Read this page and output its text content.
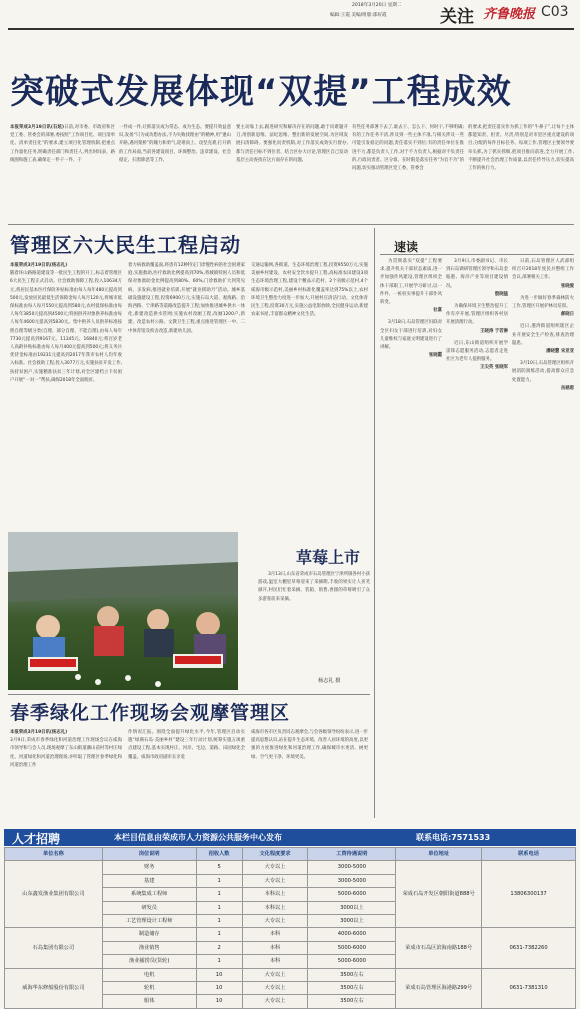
2018年3月20日 星期二
编辑:王霞 美编/组版:邵好霞	关注 齐鲁晚报 C03
突破式发展体现“双提”工程成效
本报荣成3月19日讯(石炫)日前,对市委、市政府和区党工委、管委会的部署,委按照“工作项目化、项目清单化、清单责任化”的要求,建立项目化管理机制,把重点工作量化任务,明确责任部门和责任人,列出时间表、路线图和施工表,确保定一件干一件、干
一件成一件,让抓落实成为常态、成为生态。要提升效益意识,发扬“只为成功想办法,不为失败找理由”的精神,用“逢山开路,遇河架桥”的魄力和勇气,迎难而上、攻坚克难,打开新的工作局面,当前各建设项目、环保整治、违章建设、社会稳定、扫黑除恶等工作,
要主动靠上去,跟进研究和解决存在的问题,敢于向难题开刀,用创新思维、法纪思维、整出新的发展空间,为区域发展扫清障碍。要强化问责机制,对工作落实成效实行督办,都与责任目标不到位者、结合区办大讨论,管理区自己发动基层主动查找在这方面存在的问题,
有些任务部署下去了,谁去干、怎么干、何时干,不够明确;有的工作任务不清,涉及到一些主体不准,与相关涉及一些可能引发稳定的问题,责任落实不到位;有的责任单位在推进不力,都是负责人工作,对于不力负责人,根据对不负责任的,行政问责者。区分谁、在时限是落实任务“为官不为”的问题,切实推动管理区党工委、管委会
的要求,把责任落实作为抓工作的“牛鼻子”,让每个主体都能知责、担责、尽责,特别是对市里区重点建设的项目,分配的每件目标任务、每项工作,管理区主要领导要牵头抓,为了抓实抓细,把项目推向前进,全力开展工作,不断提升社会治理工作质量,以责任传导压力,切实提高工作的执行力。
管理区六大民生工程启动
本报荣成3月19日讯(杨志礼)
随着环山路路道建设等一批民生工程的开工,标志着管理区6大民生工程正式启动。社会救助保障工程,投入10634万元,将居民基本医疗保险补贴标准由每人每年480元提高到500元,发放居民最低生活保障金每人每月120元,将城市低保标准由每人每月550元提高到580元,农村低保标准由每人每年3850元提高到4500元;特困供养对象供养标准由每人每年4600元提高到5830元。集中供养人员供养标准按照自理等级分类(自理、部分自理、不能自理),由每人每年7730元提高到9167元、11345元、16840元;将百岁老人高龄补贴标准由每人每月400元提高到500元;将义务兵优待金标准由19231元提高到2017年我市农村人均年收入标准。社会救助工程,投入3077万元,实施扶贫开发工作,扶持贫困户,实施精准扶贫三年计划,对全区建档立卡贫困户开展“一对一”帮扶,确保2018年全面脱贫。
着力病救助覆盖面,将患有12种特定门诊慢性病的社会困难家庭,实施救助,医疗救助比例提高到70%,将城镇特困人员和低保对象救助金比例提高到80%、60%,门诊救助扩大到常见病、多发病,推进就业培训,开展“就业援助月”活动。城乡基础设施建设工程,投资6900万元,实施石岛大道、观海路、沿海西路、宁津路等道路改造提升工程;加快推进城乡供水一体化,新建改造供水管网;实施农村改厕工程,改厕1200户,新建、改造农村公路。文教卫生工程,重点推进管理区一中、二中体育馆及校舍改造,新建幼儿园。
交通运输网,各街道、生态环境治理工程,投资9550万元,实施美丽乡村建设、农村安全饮水提升工程,高标准农田建设3项生态环境治理工程,建设个精品示范村、2个省级示范村,4个威海市级示范村,美丽乡村标准化覆盖率达到75%以上,农村环境卫生整治力度进一步加大,开展村庄清洁行动。文化体育民生工程,投资30万元,实施公益电影放映,全民健身运动,新建农家书屋,丰富群众精神文化生活。
草莓上市
3月13日,山东省荣成市石岛管理区宁津所镇各村小孩游戏,温室大棚里草莓迎来了采摘期,丰收的果实让人喜笑颜开,村民们忙着采摘、装箱、销售,香甜的草莓吸引了众多游客前来采摘。
杨志礼 摄
春季绿化工作现场会观摩管理区
本报荣成3月19日讯(杨志礼)
3月9日,荣成市春季绿化和河道治理工作现场会议在威海市领导和与会人员,现场观摩了东山街道潮山前村等村庄绿化、河道绿化和河道治理现场,并听取了管理区春季绿化和河道治理工作
作情况汇报。围绕全面提升绿化水平,今年,管理区启动实施“绿满石岛·美丽乡村”建设三年行动计划,统筹实施五项重点建设工程,基本实现村庄、河岸、宅边、道路、田园绿化全覆盖。威海市政府副市长亲赴
威海市各市区负责同志观摩会,与会各级领导纷纷表示,进一步提高思想认识,站在提升生态环境、改善人居环境的高度,以更强的力度推进绿化和河道治理工作,确保城市水更清、树更绿、空气更干净、环境更美。
速读
为贯彻落实“双提”工程要求,提升机关干部状态素质,进一步加强作风建设,管理区组织全体干部职工,开展学习研讨,以一件件、一桩桩实事提升干部作风转变。
社富
3月18日,石岛管理区妇联对全区妇女干部进行培训,对妇女儿童维权与家庭文明建设进行了讲解。
张晓霞
3月9日,市委副书记、市长到石岛调研管理区领导和石岛金瓯港、海洋产业等项目建设情况。
殷晓猛
为确保环境卫生整治提升工作有序开展,管理区组织各村居开展清理行动。
王晓涛 于若淋
近日,东山街道组织开展学雷锋志愿服务活动,志愿者走进社区为老年人提供服务。
王尖英 张晓军
日前,石岛管理区人武部组织召开2018年度民兵整组工作会议,部署相关工作。
张晓爱
为进一步做好春季森林防火工作,管理区开展护林员培训。
郝晓日
近日,港湾街道组织辖区企业开展安全生产检查,排查治理隐患。
潘晓慧 宋亚亚
3月10日,石岛管理区组织开展消防演练活动,提高群众应急处置能力。
岳涵恩
人才招聘	本栏目信息由荣成市人力资源公共服务中心发布	联系电话:7571533
单位名称	岗位说明	招收人数	文化程度要求	工资待遇说明	单位地址	联系电话
山东鑫发渔业集团有限公司	财务	5	大专以上	3000-5000	荣成石岛开发区朝阳街道888号	13806300137
	基建	1	大专以上	3000-5000		
	系统集成工程师	1	本科以上	5000-6000		
	研发员	1	本科以上	3000以上		
	工艺管理设计工程师	1	大专以上	3000以上		
石岛集团有限公司	制造储存	1	本科	4000-6000	荣成市石岛区滨海南路188号	0631-7382260
	渔业销售	2	本科	5000-6000		
	渔业捕捞员(货轮)	1	本科	5000-6000		
威海华东修船股份有限公司	电机	10	大专以上	3500左右	荣成石岛管理区海港路299号	0631-7381310
	轮机	10	大专以上	3500左右		
	船体	10	大专以上	3500左右		
